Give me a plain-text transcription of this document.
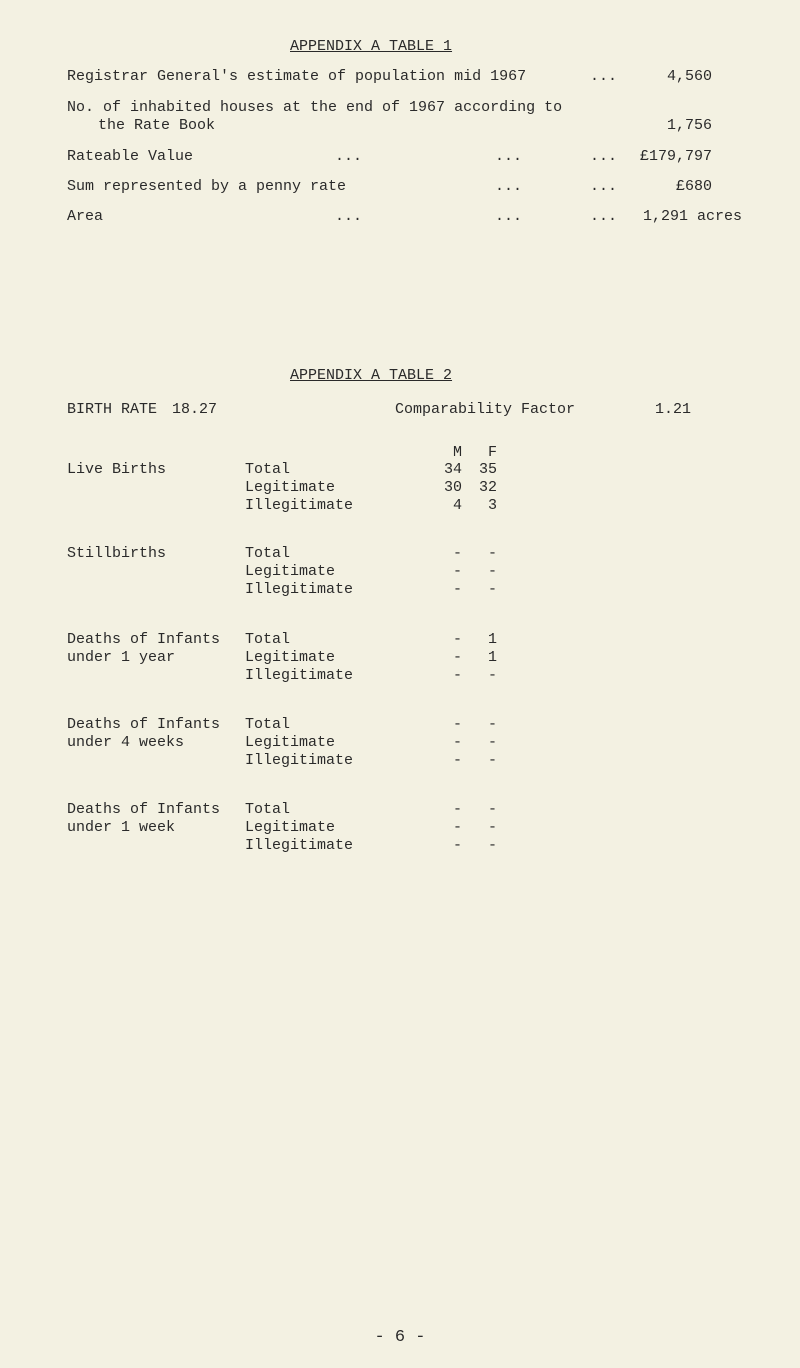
APPENDIX A TABLE 1
Registrar General's estimate of population mid 1967	...	4,560
No. of inhabited houses at the end of 1967 according to
the Rate Book	1,756
Rateable Value	...	...	...	£179,797
Sum represented by a penny rate	...	...	£680
Area	...	...	... 1,291 acres
APPENDIX A TABLE 2
BIRTH RATE 18.27	Comparability Factor	1.21
M	F
Live Births	Total	34	35
Legitimate	30	32
Illegitimate	4	3
Stillbirths	Total	-	-
Legitimate	-	-
Illegitimate	-	-
Deaths of Infants
under 1 year
Total	-	1
Legitimate	-	1
Illegitimate	-	-
Deaths of Infants
under 4 weeks
Total	-	-
Legitimate	-	-
Illegitimate	-	-
Deaths of Infants
under 1 week
Total	-	-
Legitimate	-	-
Illegitimate	-	-
- 6 -
